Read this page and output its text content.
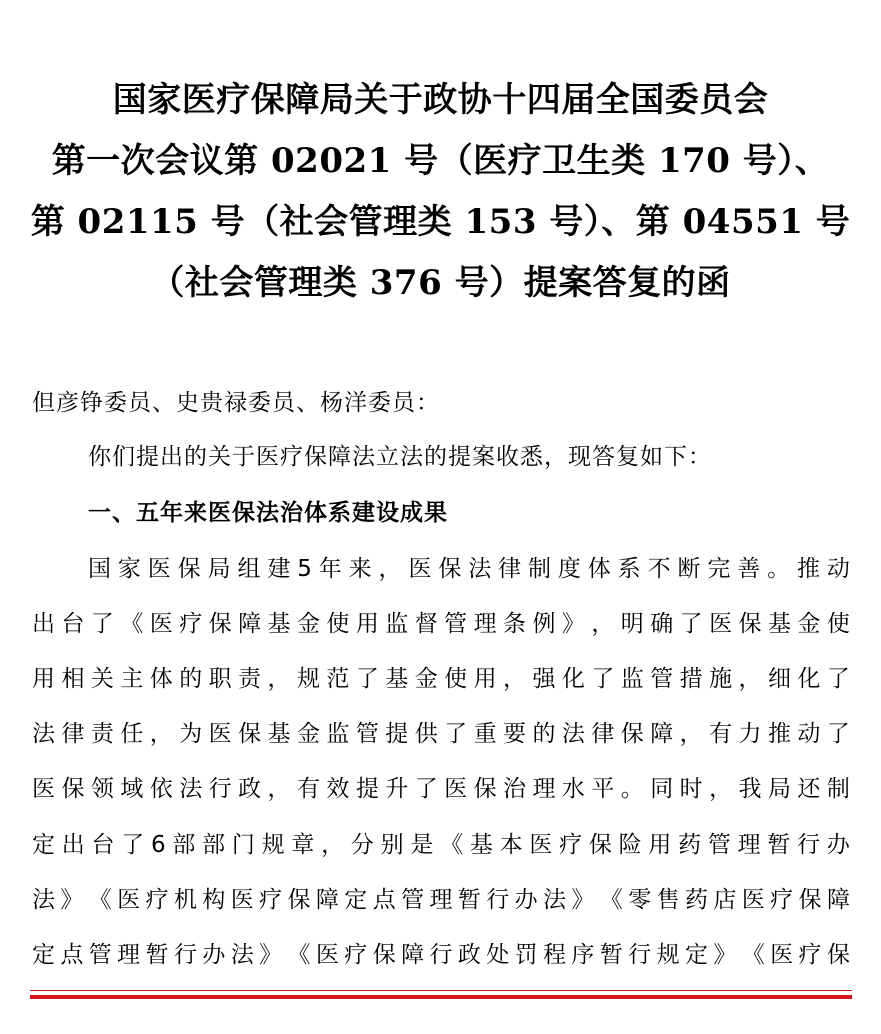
国家医疗保障局关于政协十四届全国委员会
第一次会议第 02021 号（医疗卫生类 170 号）、
第 02115 号（社会管理类 153 号）、第 04551 号
（社会管理类 376 号）提案答复的函
但彦铮委员、史贵禄委员、杨洋委员：
你们提出的关于医疗保障法立法的提案收悉，现答复如下：
一、五年来医保法治体系建设成果
国 家 医 保 局 组 建 5 年 来 ， 医 保 法 律 制 度 体 系 不 断 完 善 。 推 动
出 台 了 《 医 疗 保 障 基 金 使 用 监 督 管 理 条 例 》 ， 明 确 了 医 保 基 金 使
用 相 关 主 体 的 职 责 ， 规 范 了 基 金 使 用 ， 强 化 了 监 管 措 施 ， 细 化 了
法 律 责 任 ， 为 医 保 基 金 监 管 提 供 了 重 要 的 法 律 保 障 ， 有 力 推 动 了
医 保 领 域 依 法 行 政 ， 有 效 提 升 了 医 保 治 理 水 平 。 同 时 ， 我 局 还 制
定 出 台 了 6 部 部 门 规 章 ， 分 别 是 《 基 本 医 疗 保 险 用 药 管 理 暂 行 办
法 》 《 医 疗 机 构 医 疗 保 障 定 点 管 理 暂 行 办 法 》 《 零 售 药 店 医 疗 保 障
定 点 管 理 暂 行 办 法 》 《 医 疗 保 障 行 政 处 罚 程 序 暂 行 规 定 》 《 医 疗 保
